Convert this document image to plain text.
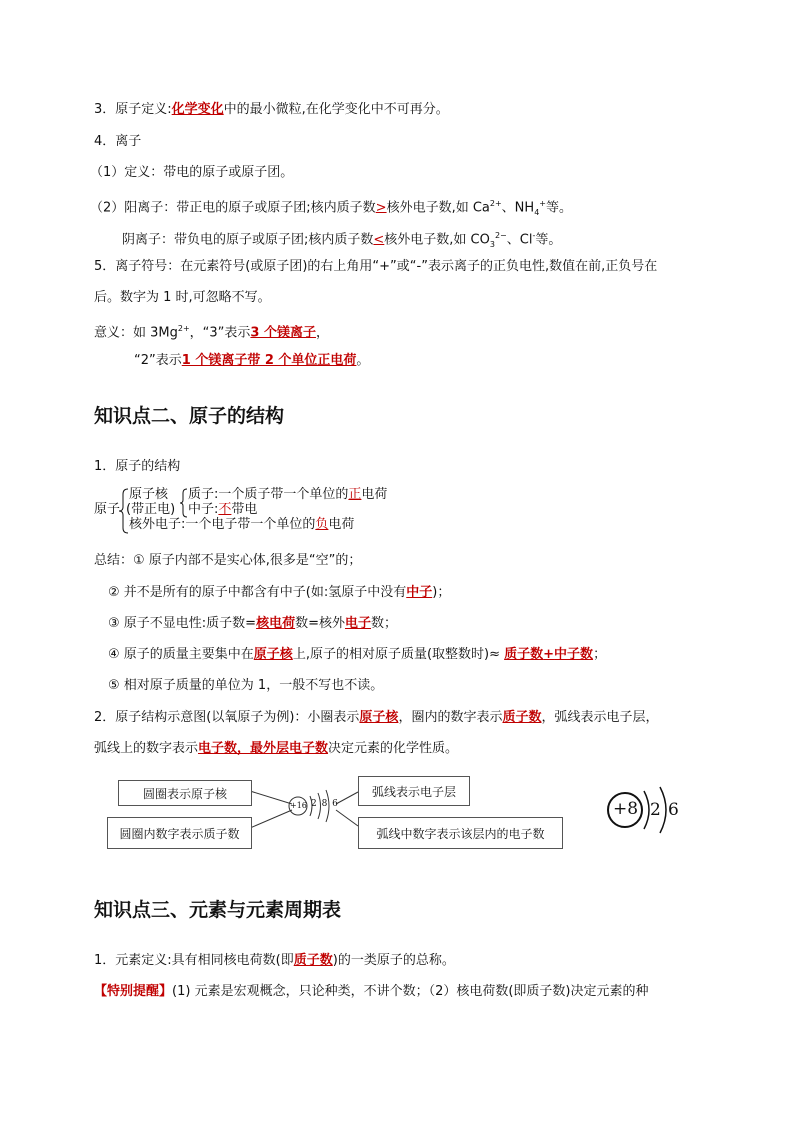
3．原子定义:化学变化中的最小微粒,在化学变化中不可再分。
4．离子
（1）定义：带电的原子或原子团。
（2）阳离子：带正电的原子或原子团;核内质子数>核外电子数,如 $Ca^{2+}$、$NH_4^+$等。
阴离子：带负电的原子或原子团;核内质子数<核外电子数,如 $CO_3^{2-}$、Cl-等。
5．离子符号：在元素符号(或原子团)的右上角用“+”或“-”表示离子的正负电性,数值在前,正负号在
后。数字为 1 时,可忽略不写。
意义：如 $3Mg^{2+}$，“3”表示3 个镁离子，
“2”表示1 个镁离子带 2 个单位正电荷。
知识点二、原子的结构
1．原子的结构
原子
原子核
(带正电)
质子:一个质子带一个单位的正电荷
中子:不带电
核外电子:一个电子带一个单位的负电荷
总结：① 原子内部不是实心体,很多是“空”的；
② 并不是所有的原子中都含有中子(如:氢原子中没有中子)；
③ 原子不显电性:质子数=核电荷数=核外电子数；
④ 原子的质量主要集中在原子核上,原子的相对原子质量(取整数时)≈ 质子数+中子数；
⑤ 相对原子质量的单位为 1，一般不写也不读。
2．原子结构示意图(以氧原子为例)：小圈表示原子核，圈内的数字表示质子数，弧线表示电子层，
弧线上的数字表示电子数，最外层电子数决定元素的化学性质。
+16 2 8 6
圆圈表示原子核
圆圈内数字表示质子数
弧线表示电子层
弧线中数字表示该层内的电子数
+8 2 6
知识点三、元素与元素周期表
1．元素定义:具有相同核电荷数(即质子数)的一类原子的总称。
【特别提醒】(1) 元素是宏观概念，只论种类，不讲个数；（2）核电荷数(即质子数)决定元素的种
